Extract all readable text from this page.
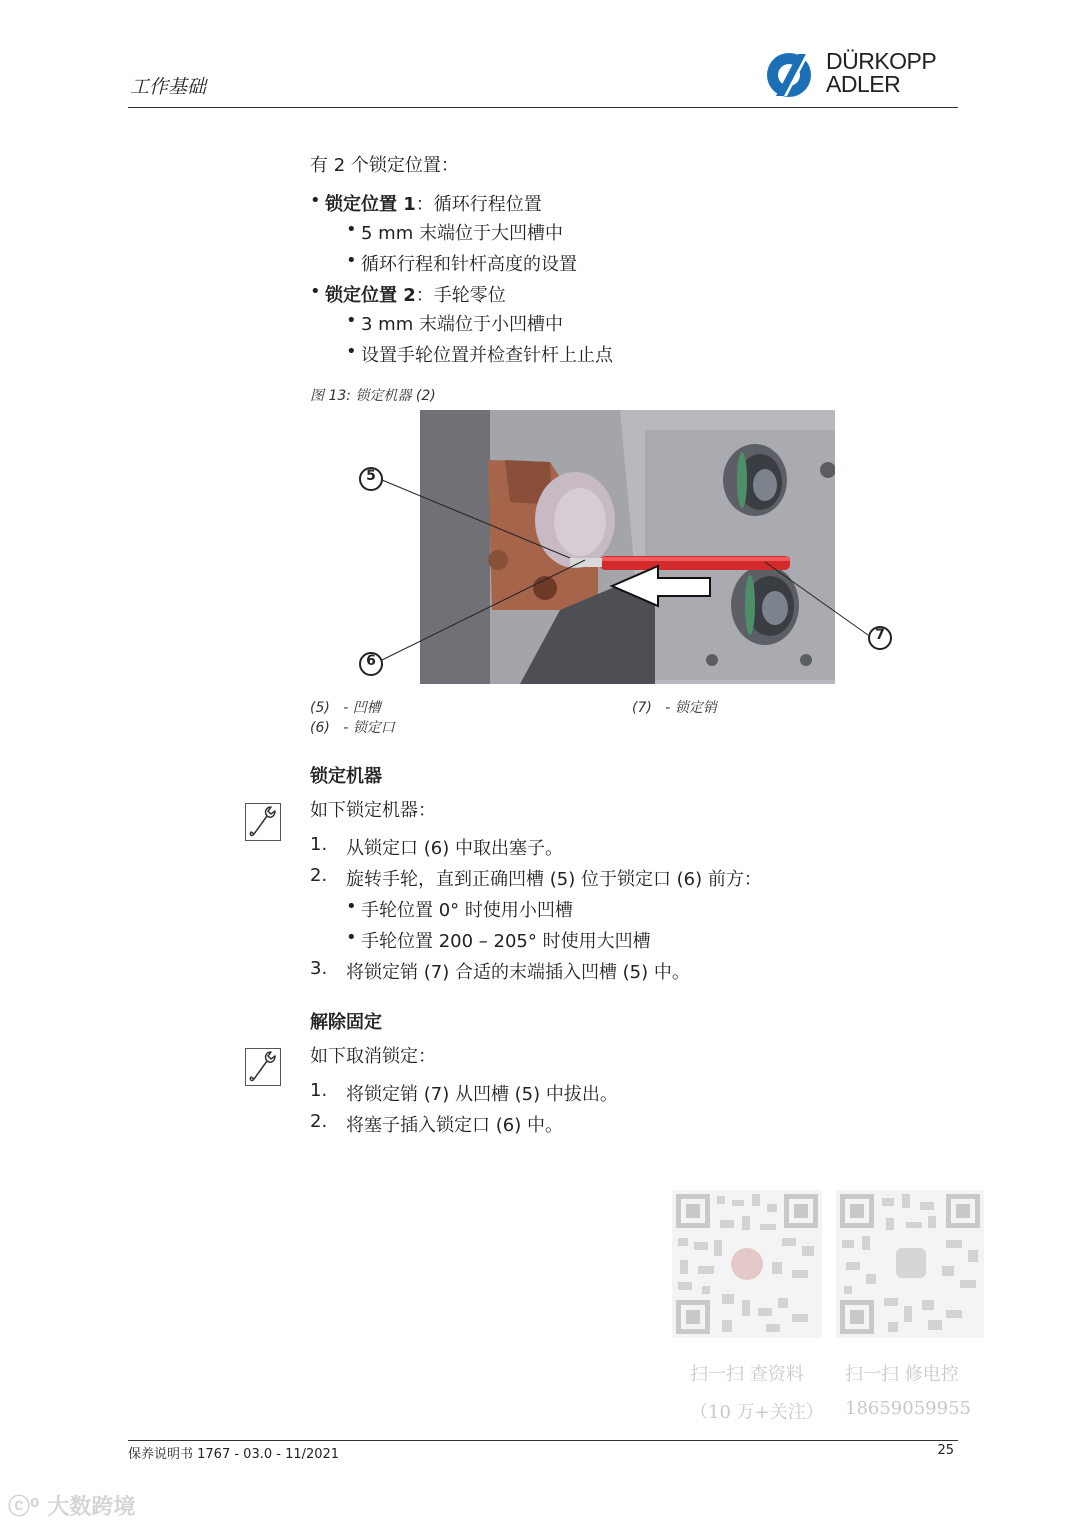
工作基础
DÜRKOPP
ADLER
有 2 个锁定位置：
• 锁定位置 1：循环行程位置
• 5 mm 末端位于大凹槽中
• 循环行程和针杆高度的设置
• 锁定位置 2：手轮零位
• 3 mm 末端位于小凹槽中
• 设置手轮位置并检查针杆上止点
图 13: 锁定机器 (2)
5
6
7
(5) - 凹槽
(6) - 锁定口
(7) - 锁定销
锁定机器
如下锁定机器：
1. 从锁定口 (6) 中取出塞子。
2. 旋转手轮，直到正确凹槽 (5) 位于锁定口 (6) 前方：
• 手轮位置 0° 时使用小凹槽
• 手轮位置 200 – 205° 时使用大凹槽
3. 将锁定销 (7) 合适的末端插入凹槽 (5) 中。
解除固定
如下取消锁定：
1. 将锁定销 (7) 从凹槽 (5) 中拔出。
2. 将塞子插入锁定口 (6) 中。
扫一扫 查资料
（10 万+关注）
扫一扫 修电控
18659059955
保养说明书 1767 - 03.0 - 11/2021	25
ⓒ⁰ 大数跨境
